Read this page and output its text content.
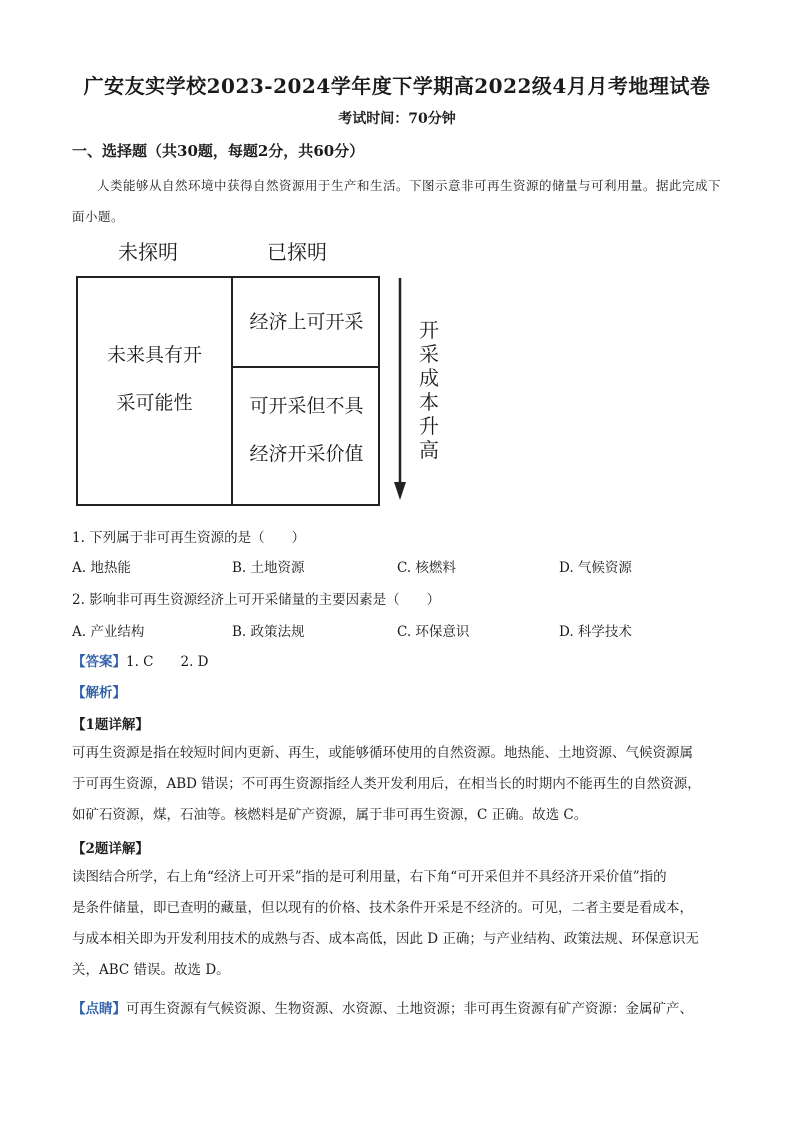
广安友实学校2023-2024学年度下学期高2022级4月月考地理试卷
考试时间：70分钟
一、选择题（共30题，每题2分，共60分）
人类能够从自然环境中获得自然资源用于生产和生活。下图示意非可再生资源的储量与可利用量。据此完成下面小题。
未探明	已探明
未来具有开
采可能性
经济上可开采
可开采但不具
经济开采价值
开
采
成
本
升
高
1. 下列属于非可再生资源的是（　　）
A. 地热能	B. 土地资源	C. 核燃料	D. 气候资源
2. 影响非可再生资源经济上可开采储量的主要因素是（　　）
A. 产业结构	B. 政策法规	C. 环保意识	D. 科学技术
【答案】1. C　　2. D
【解析】
【1题详解】
可再生资源是指在较短时间内更新、再生，或能够循环使用的自然资源。地热能、土地资源、气候资源属
于可再生资源，ABD 错误；不可再生资源指经人类开发利用后，在相当长的时期内不能再生的自然资源，
如矿石资源，煤，石油等。核燃料是矿产资源，属于非可再生资源，C 正确。故选 C。
【2题详解】
读图结合所学，右上角“经济上可开采”指的是可利用量，右下角“可开采但并不具经济开采价值”指的
是条件储量，即已查明的藏量，但以现有的价格、技术条件开采是不经济的。可见，二者主要是看成本，
与成本相关即为开发利用技术的成熟与否、成本高低，因此 D 正确；与产业结构、政策法规、环保意识无
关，ABC 错误。故选 D。
【点睛】可再生资源有气候资源、生物资源、水资源、土地资源；非可再生资源有矿产资源：金属矿产、
